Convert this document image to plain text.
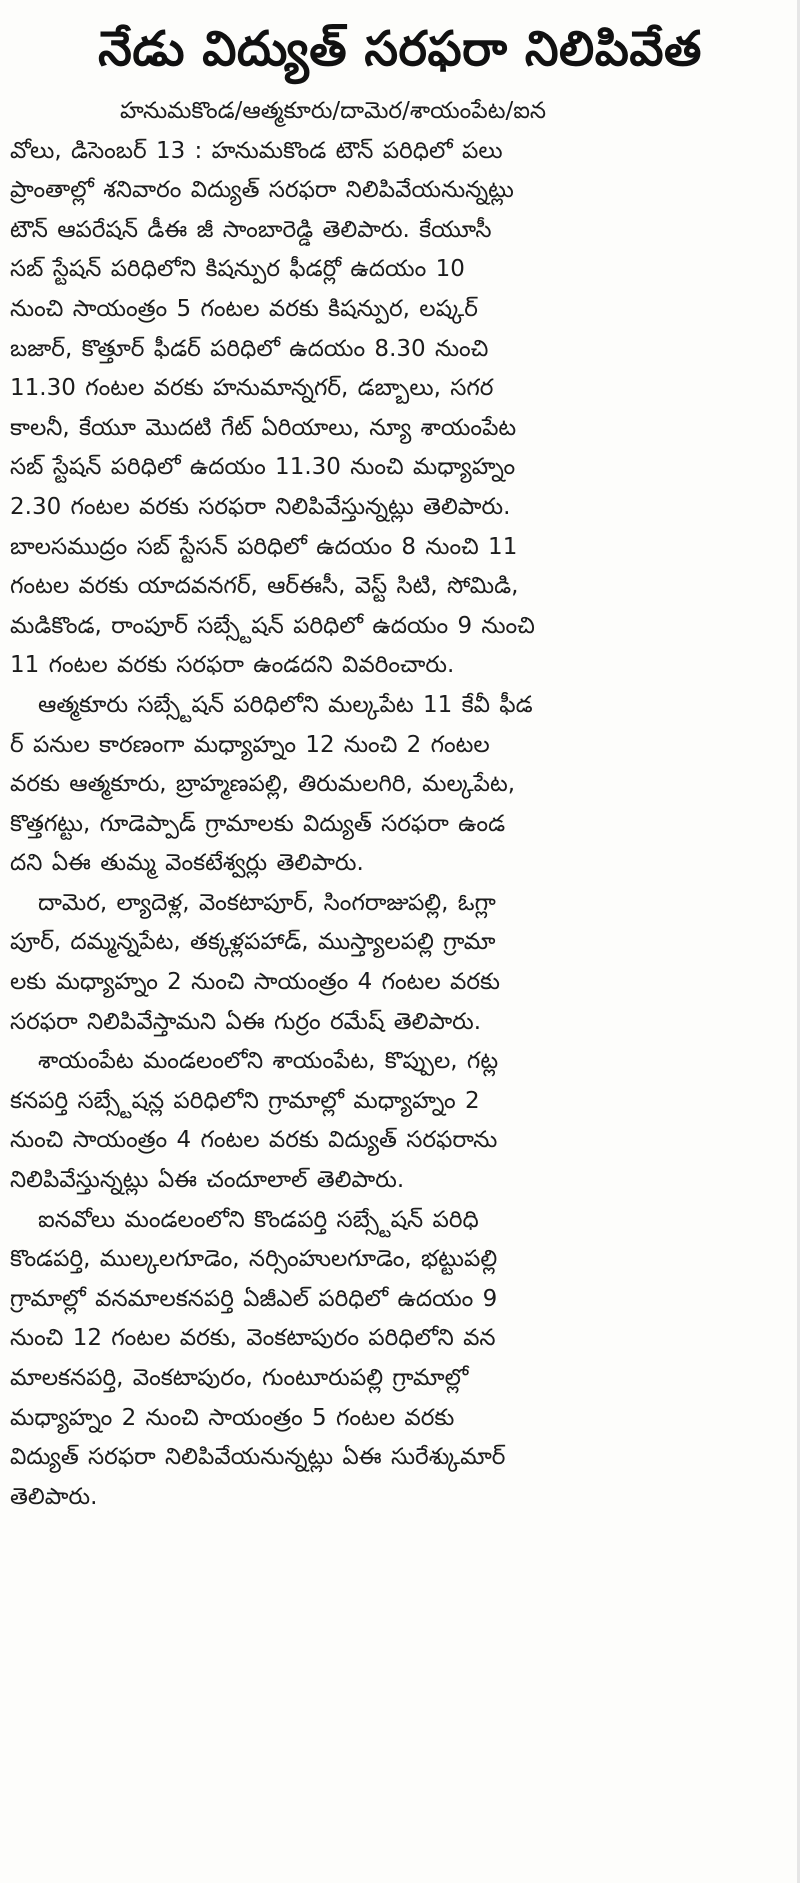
నేడు విద్యుత్ సరఫరా నిలిపివేత
హనుమకొండ/ఆత్మకూరు/దామెర/శాయంపేట/ఐన
వోలు, డిసెంబర్ 13 : హనుమకొండ టౌన్ పరిధిలో పలు
ప్రాంతాల్లో శనివారం విద్యుత్ సరఫరా నిలిపివేయనున్నట్లు
టౌన్ ఆపరేషన్ డీఈ జీ సాంబారెడ్డి తెలిపారు. కేయూసీ
సబ్ స్టేషన్ పరిధిలోని కిషన్పుర ఫీడర్లో ఉదయం 10
నుంచి సాయంత్రం 5 గంటల వరకు కిషన్పుర, లష్కర్
బజార్, కొత్తూర్ ఫీడర్ పరిధిలో ఉదయం 8.30 నుంచి
11.30 గంటల వరకు హనుమాన్నగర్, డబ్బాలు, సగర
కాలనీ, కేయూ మొదటి గేట్ ఏరియాలు, న్యూ శాయంపేట
సబ్ స్టేషన్ పరిధిలో ఉదయం 11.30 నుంచి మధ్యాహ్నం
2.30 గంటల వరకు సరఫరా నిలిపివేస్తున్నట్లు తెలిపారు.
బాలసముద్రం సబ్ స్టేసన్ పరిధిలో ఉదయం 8 నుంచి 11
గంటల వరకు యాదవనగర్, ఆర్ఈసీ, వెస్ట్ సిటి, సోమిడి,
మడికొండ, రాంపూర్ సబ్స్టేషన్ పరిధిలో ఉదయం 9 నుంచి
11 గంటల వరకు సరఫరా ఉండదని వివరించారు.
ఆత్మకూరు సబ్స్టేషన్ పరిధిలోని మల్కపేట 11 కేవీ ఫీడ
ర్ పనుల కారణంగా మధ్యాహ్నం 12 నుంచి 2 గంటల
వరకు ఆత్మకూరు, బ్రాహ్మణపల్లి, తిరుమలగిరి, మల్కపేట,
కొత్తగట్టు, గూడెప్పాడ్ గ్రామాలకు విద్యుత్ సరఫరా ఉండ
దని ఏఈ తుమ్మ వెంకటేశ్వర్లు తెలిపారు.
దామెర, ల్యాదెళ్ల, వెంకటాపూర్, సింగరాజుపల్లి, ఓగ్లా
పూర్, దమ్మన్నపేట, తక్కళ్లపహాడ్, ముస్త్యాలపల్లి గ్రామా
లకు మధ్యాహ్నం 2 నుంచి సాయంత్రం 4 గంటల వరకు
సరఫరా నిలిపివేస్తామని ఏఈ గుర్రం రమేష్ తెలిపారు.
శాయంపేట మండలంలోని శాయంపేట, కొప్పుల, గట్ల
కనపర్తి సబ్స్టేషన్ల పరిధిలోని గ్రామాల్లో మధ్యాహ్నం 2
నుంచి సాయంత్రం 4 గంటల వరకు విద్యుత్ సరఫరాను
నిలిపివేస్తున్నట్లు ఏఈ చందూలాల్ తెలిపారు.
ఐనవోలు మండలంలోని కొండపర్తి సబ్స్టేషన్ పరిధి
కొండపర్తి, ముల్కలగూడెం, నర్సింహులగూడెం, భట్టుపల్లి
గ్రామాల్లో వనమాలకనపర్తి ఏజీఎల్ పరిధిలో ఉదయం 9
నుంచి 12 గంటల వరకు, వెంకటాపురం పరిధిలోని వన
మాలకనపర్తి, వెంకటాపురం, గుంటూరుపల్లి గ్రామాల్లో
మధ్యాహ్నం 2 నుంచి సాయంత్రం 5 గంటల వరకు
విద్యుత్ సరఫరా నిలిపివేయనున్నట్లు ఏఈ సురేశ్కుమార్
తెలిపారు.
